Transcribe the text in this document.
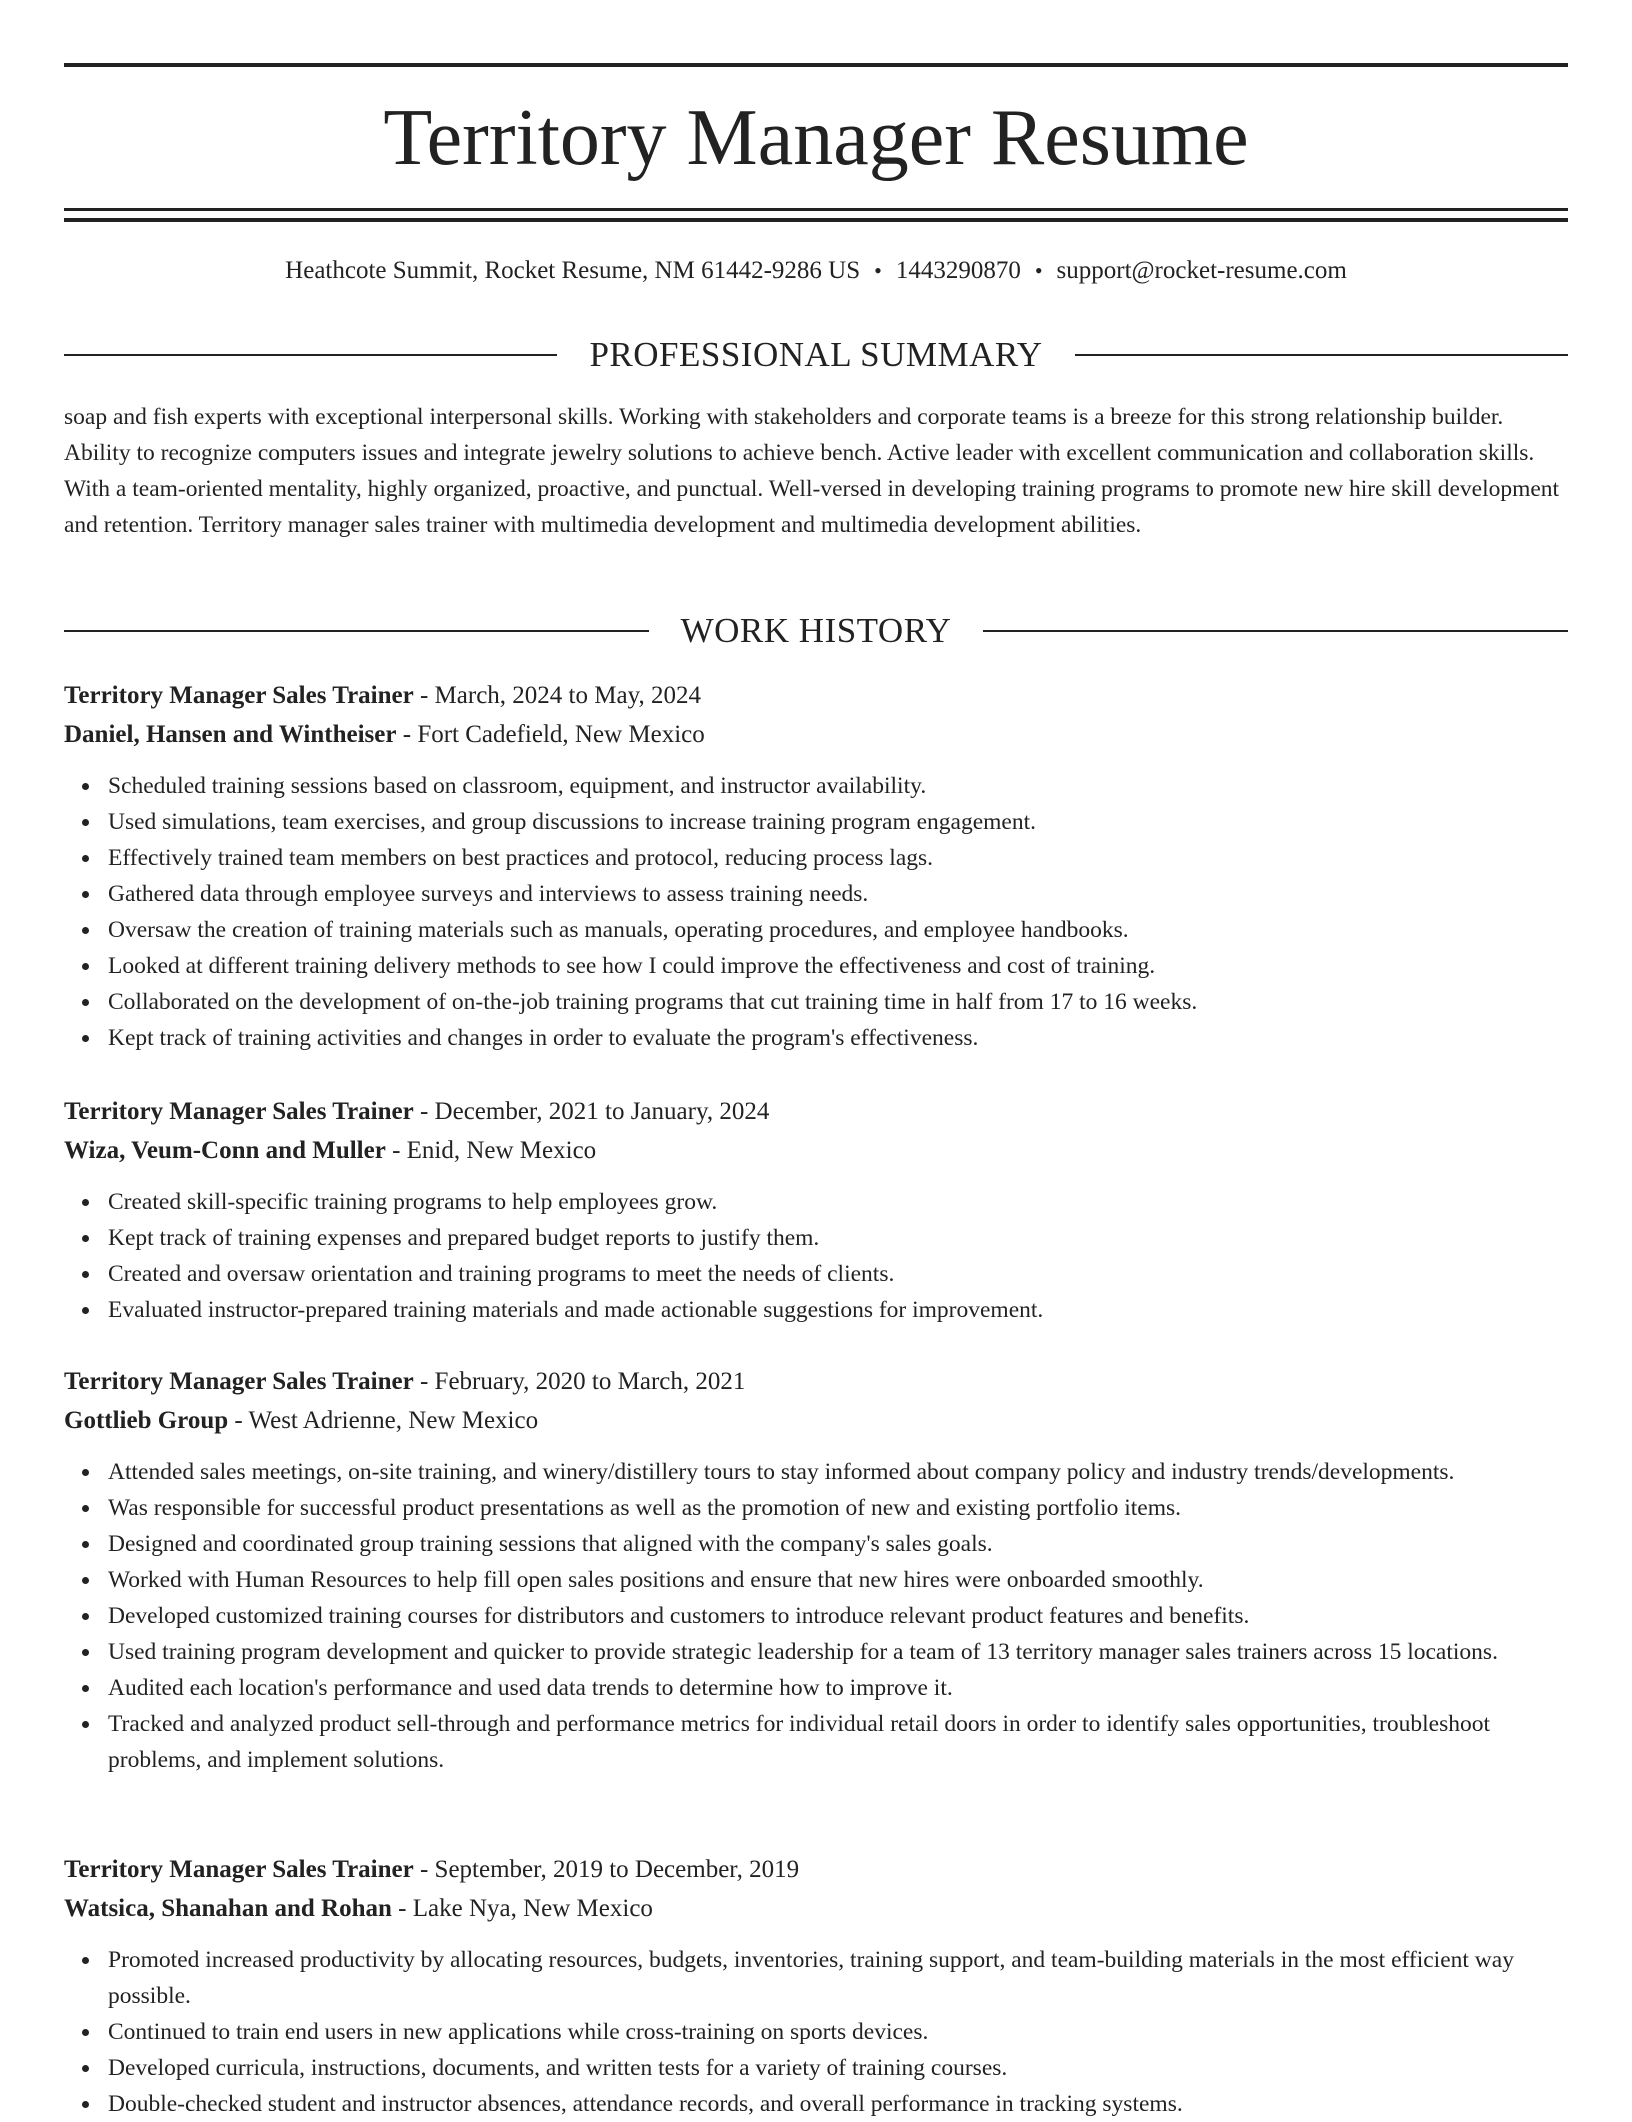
Territory Manager Resume
Heathcote Summit, Rocket Resume, NM 61442-9286 US • 1443290870 • support@rocket-resume.com
PROFESSIONAL SUMMARY
soap and fish experts with exceptional interpersonal skills. Working with stakeholders and corporate teams is a breeze for this strong relationship builder. Ability to recognize computers issues and integrate jewelry solutions to achieve bench. Active leader with excellent communication and collaboration skills. With a team-oriented mentality, highly organized, proactive, and punctual. Well-versed in developing training programs to promote new hire skill development and retention. Territory manager sales trainer with multimedia development and multimedia development abilities.
WORK HISTORY
Territory Manager Sales Trainer - March, 2024 to May, 2024
Daniel, Hansen and Wintheiser - Fort Cadefield, New Mexico
Scheduled training sessions based on classroom, equipment, and instructor availability.
Used simulations, team exercises, and group discussions to increase training program engagement.
Effectively trained team members on best practices and protocol, reducing process lags.
Gathered data through employee surveys and interviews to assess training needs.
Oversaw the creation of training materials such as manuals, operating procedures, and employee handbooks.
Looked at different training delivery methods to see how I could improve the effectiveness and cost of training.
Collaborated on the development of on-the-job training programs that cut training time in half from 17 to 16 weeks.
Kept track of training activities and changes in order to evaluate the program's effectiveness.
Territory Manager Sales Trainer - December, 2021 to January, 2024
Wiza, Veum-Conn and Muller - Enid, New Mexico
Created skill-specific training programs to help employees grow.
Kept track of training expenses and prepared budget reports to justify them.
Created and oversaw orientation and training programs to meet the needs of clients.
Evaluated instructor-prepared training materials and made actionable suggestions for improvement.
Territory Manager Sales Trainer - February, 2020 to March, 2021
Gottlieb Group - West Adrienne, New Mexico
Attended sales meetings, on-site training, and winery/distillery tours to stay informed about company policy and industry trends/developments.
Was responsible for successful product presentations as well as the promotion of new and existing portfolio items.
Designed and coordinated group training sessions that aligned with the company's sales goals.
Worked with Human Resources to help fill open sales positions and ensure that new hires were onboarded smoothly.
Developed customized training courses for distributors and customers to introduce relevant product features and benefits.
Used training program development and quicker to provide strategic leadership for a team of 13 territory manager sales trainers across 15 locations.
Audited each location's performance and used data trends to determine how to improve it.
Tracked and analyzed product sell-through and performance metrics for individual retail doors in order to identify sales opportunities, troubleshoot problems, and implement solutions.
Territory Manager Sales Trainer - September, 2019 to December, 2019
Watsica, Shanahan and Rohan - Lake Nya, New Mexico
Promoted increased productivity by allocating resources, budgets, inventories, training support, and team-building materials in the most efficient way possible.
Continued to train end users in new applications while cross-training on sports devices.
Developed curricula, instructions, documents, and written tests for a variety of training courses.
Double-checked student and instructor absences, attendance records, and overall performance in tracking systems.
